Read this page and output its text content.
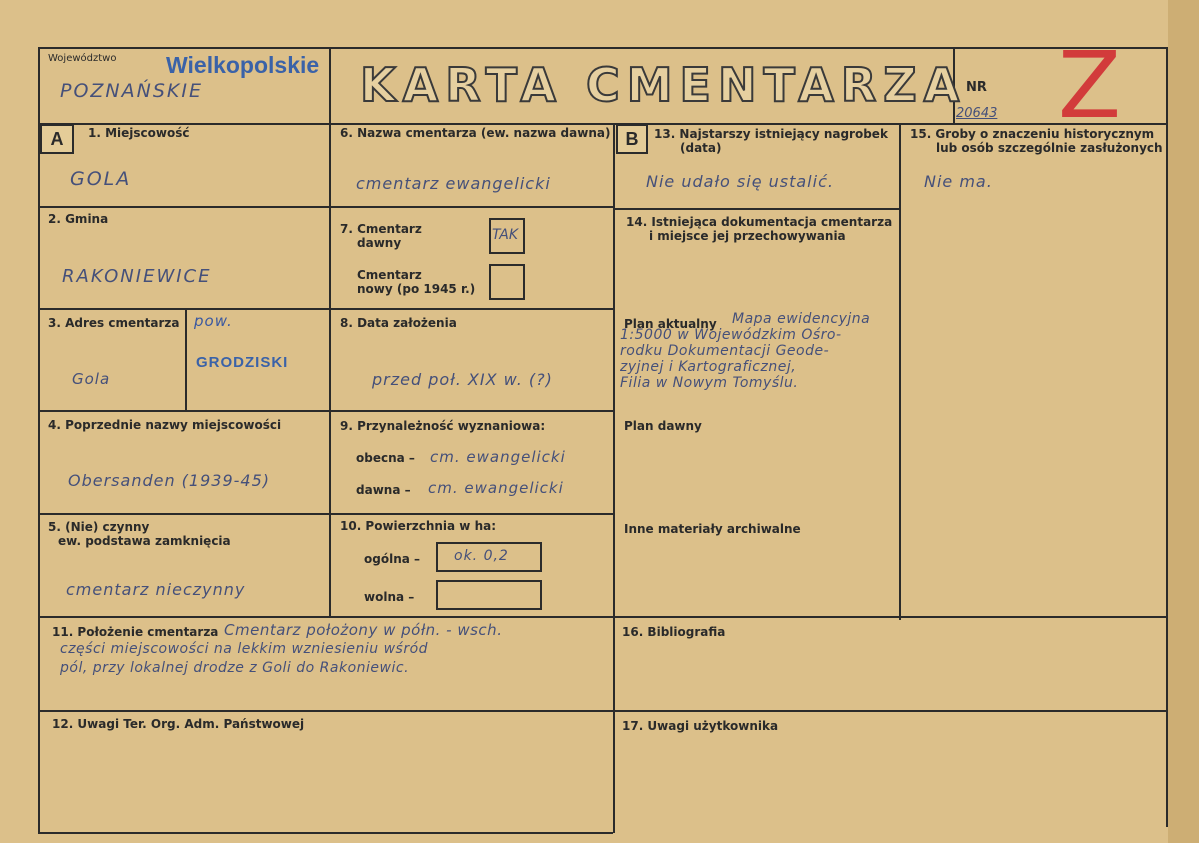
Województwo Wielkopolskie
POZNAŃSKIE	KARTA CMENTARZA NR
20643 Z
A	B
1. Miejscowość
GOLA
2. Gmina
RAKONIEWICE
3. Adres cmentarza
Gola
pow.
GRODZISKI
4. Poprzednie nazwy miejscowości
Obersanden (1939-45)
5. (Nie) czynny
ew. podstawa zamknięcia
cmentarz nieczynny
6. Nazwa cmentarza (ew. nazwa dawna)
cmentarz ewangelicki
7. Cmentarz
dawny	TAK
Cmentarz
nowy (po 1945 r.)
8. Data założenia
przed poł. XIX w. (?)
9. Przynależność wyznaniowa:
obecna – cm. ewangelicki
dawna – cm. ewangelicki
10. Powierzchnia w ha:
ogólna – ok. 0,2
wolna –
11. Położenie cmentarza Cmentarz położony w półn. - wsch.
części miejscowości na lekkim wzniesieniu wśród
pól, przy lokalnej drodze z Goli do Rakoniewic.
12. Uwagi Ter. Org. Adm. Państwowej
13. Najstarszy istniejący nagrobek
(data)
Nie udało się ustalić.
14. Istniejąca dokumentacja cmentarza
i miejsce jej przechowywania
Plan aktualny Mapa ewidencyjna
1:5000 w Wojewódzkim Ośro-
rodku Dokumentacji Geode-
zyjnej i Kartograficznej,
Filia w Nowym Tomyślu.
Plan dawny
Inne materiały archiwalne
15. Groby o znaczeniu historycznym
lub osób szczególnie zasłużonych
Nie ma.
16. Bibliografia
17. Uwagi użytkownika
